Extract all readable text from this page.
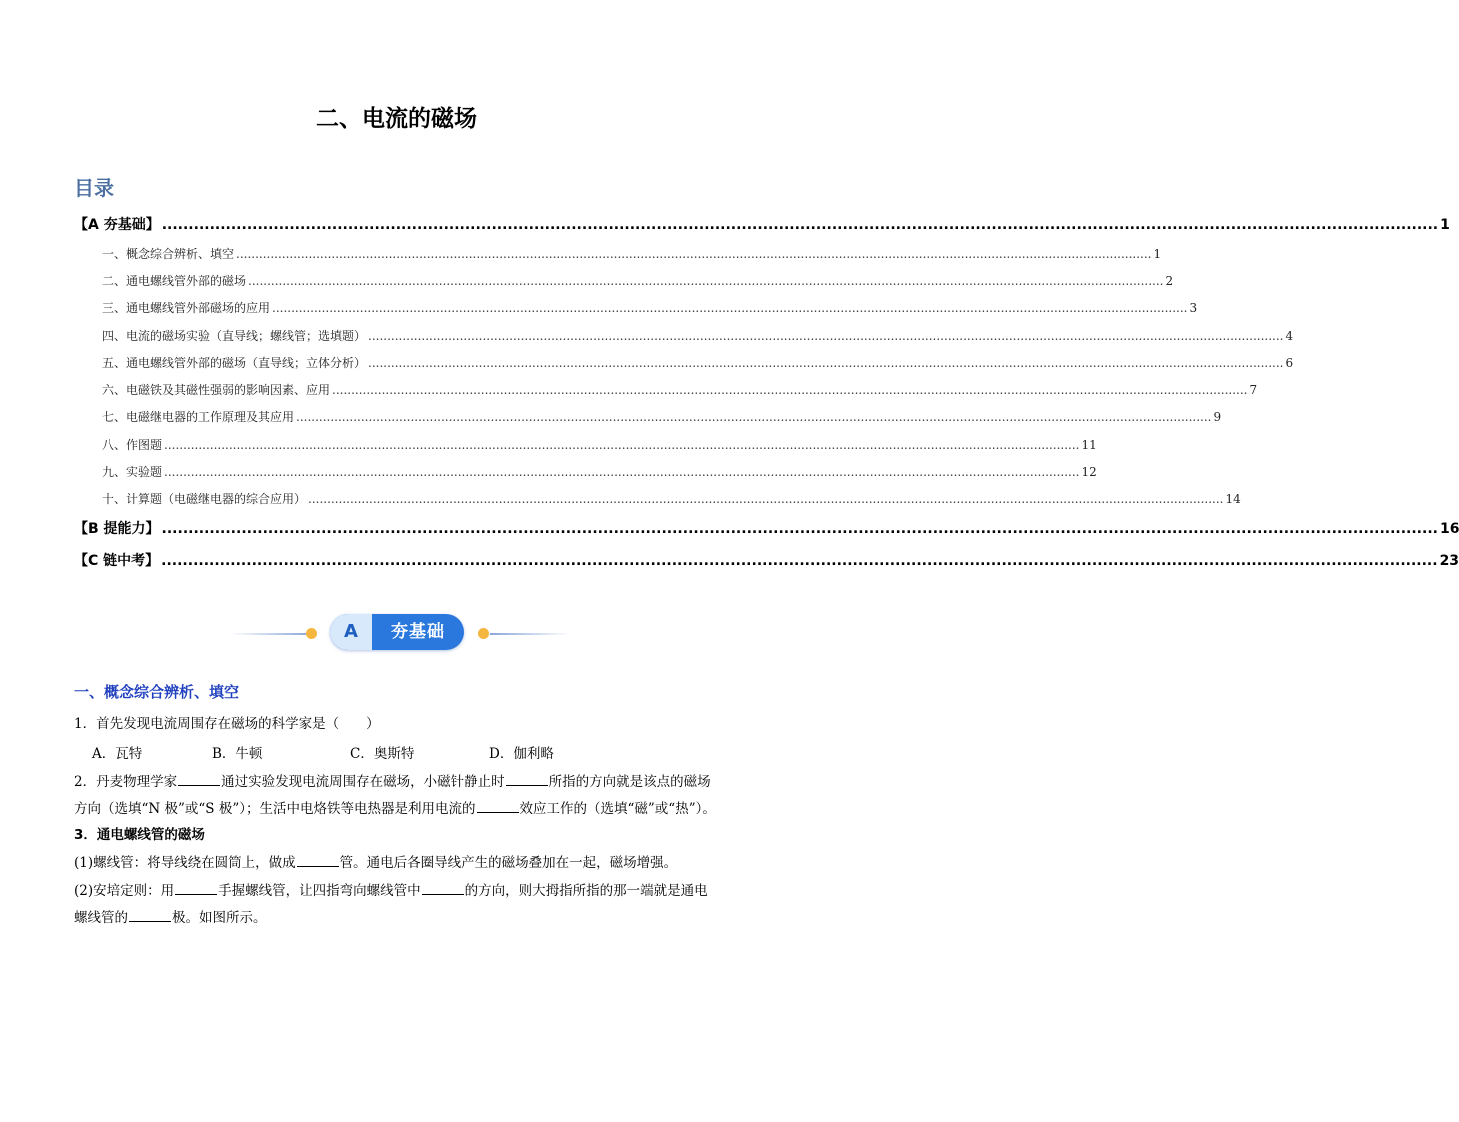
二、电流的磁场
目录
【A 夯基础】 ................................................................................................................................................................................................................................................ 1
一、概念综合辨析、填空 ................................................................................................................................................................................................................................................ 1
二、通电螺线管外部的磁场 ................................................................................................................................................................................................................................................ 2
三、通电螺线管外部磁场的应用 ................................................................................................................................................................................................................................................ 3
四、电流的磁场实验（直导线；螺线管；选填题） ................................................................................................................................................................................................................................................ 4
五、通电螺线管外部的磁场（直导线；立体分析） ................................................................................................................................................................................................................................................ 6
六、电磁铁及其磁性强弱的影响因素、应用 ................................................................................................................................................................................................................................................ 7
七、电磁继电器的工作原理及其应用 ................................................................................................................................................................................................................................................ 9
八、作图题 ................................................................................................................................................................................................................................................ 11
九、实验题 ................................................................................................................................................................................................................................................ 12
十、计算题（电磁继电器的综合应用） ................................................................................................................................................................................................................................................ 14
【B 提能力】 ................................................................................................................................................................................................................................................ 16
【C 链中考】 ................................................................................................................................................................................................................................................ 23
A	夯基础
一、概念综合辨析、填空
1．首先发现电流周围存在磁场的科学家是（　　）
A．瓦特	B．牛顿	C．奥斯特	D．伽利略
2．丹麦物理学家	通过实验发现电流周围存在磁场，小磁针静止时	所指的方向就是该点的磁场
方向（选填“N 极”或“S 极”）；生活中电烙铁等电热器是利用电流的	效应工作的（选填“磁”或“热”）。
3．通电螺线管的磁场
(1)螺线管：将导线绕在圆筒上，做成	管。通电后各圈导线产生的磁场叠加在一起，磁场增强。
(2)安培定则：用	手握螺线管，让四指弯向螺线管中	的方向，则大拇指所指的那一端就是通电
螺线管的	极。如图所示。
